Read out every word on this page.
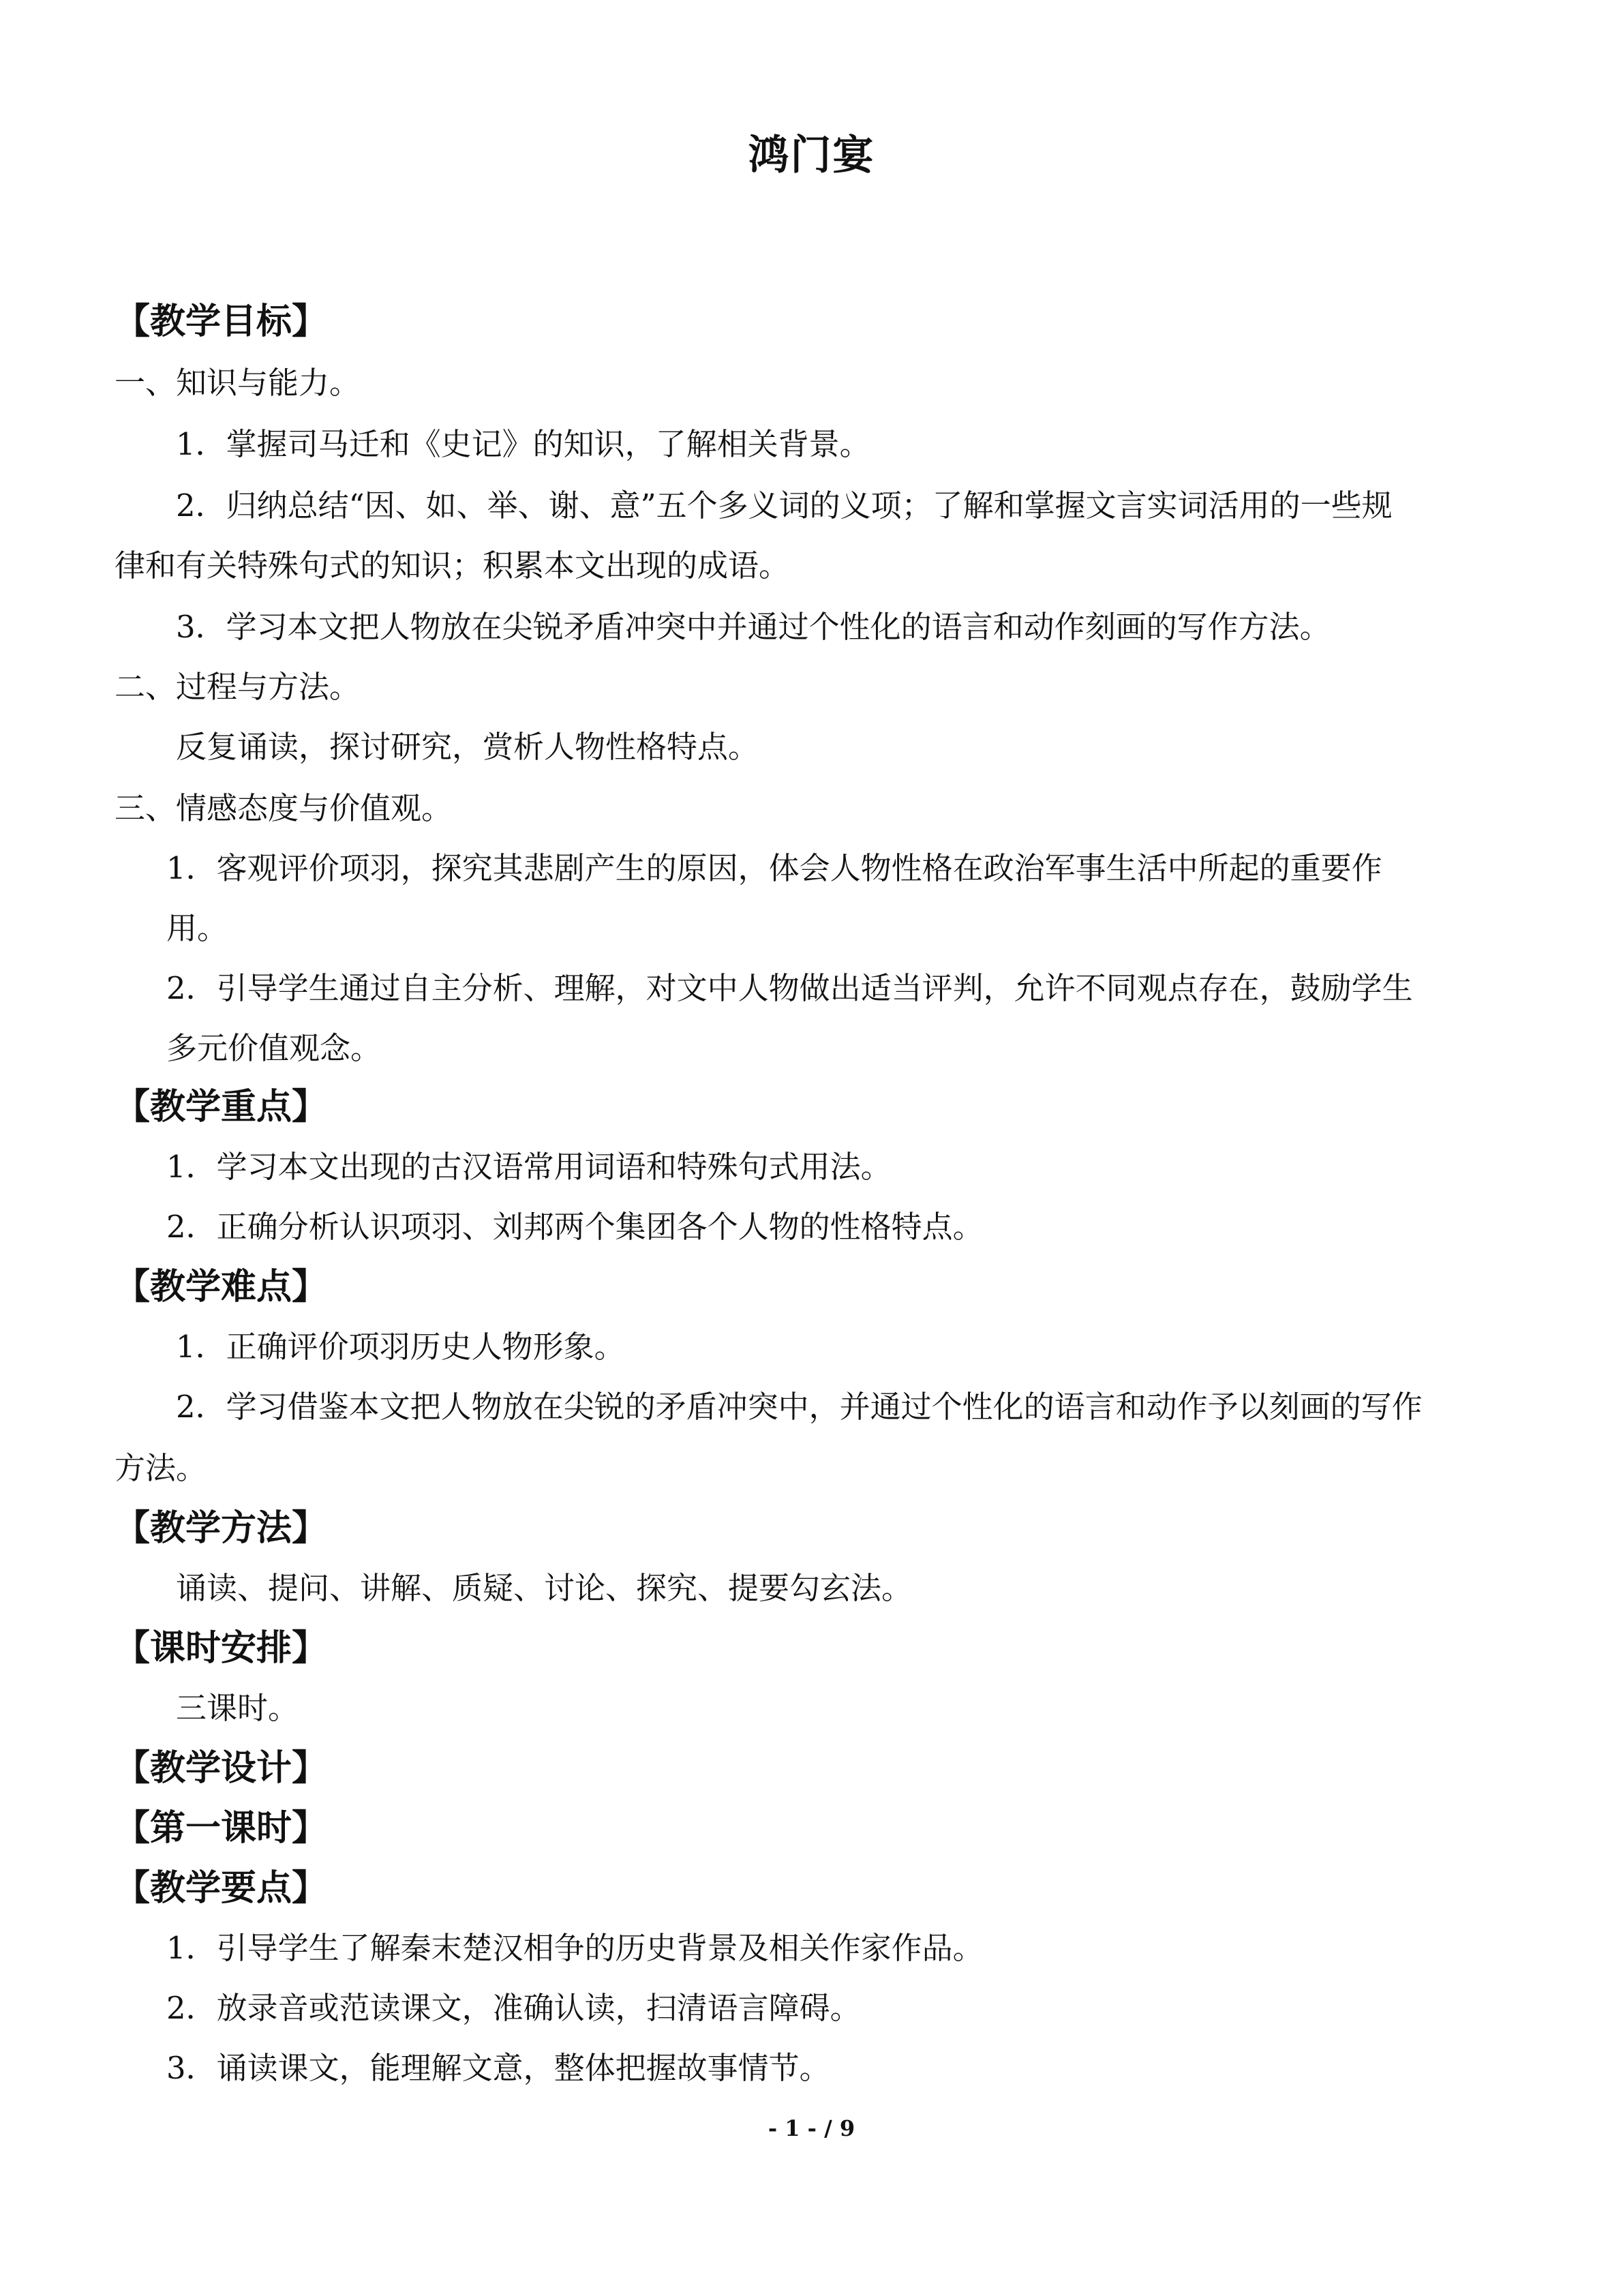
鸿门宴
【教学目标】
一、知识与能力。
1．掌握司马迁和《史记》的知识，了解相关背景。
2．归纳总结“因、如、举、谢、意”五个多义词的义项；了解和掌握文言实词活用的一些规
律和有关特殊句式的知识；积累本文出现的成语。
3．学习本文把人物放在尖锐矛盾冲突中并通过个性化的语言和动作刻画的写作方法。
二、过程与方法。
反复诵读，探讨研究，赏析人物性格特点。
三、情感态度与价值观。
1．客观评价项羽，探究其悲剧产生的原因，体会人物性格在政治军事生活中所起的重要作
用。
2．引导学生通过自主分析、理解，对文中人物做出适当评判，允许不同观点存在，鼓励学生
多元价值观念。
【教学重点】
1．学习本文出现的古汉语常用词语和特殊句式用法。
2．正确分析认识项羽、刘邦两个集团各个人物的性格特点。
【教学难点】
1．正确评价项羽历史人物形象。
2．学习借鉴本文把人物放在尖锐的矛盾冲突中，并通过个性化的语言和动作予以刻画的写作
方法。
【教学方法】
诵读、提问、讲解、质疑、讨论、探究、提要勾玄法。
【课时安排】
三课时。
【教学设计】
【第一课时】
【教学要点】
1．引导学生了解秦末楚汉相争的历史背景及相关作家作品。
2．放录音或范读课文，准确认读，扫清语言障碍。
3．诵读课文，能理解文意，整体把握故事情节。
- 1 - / 9
